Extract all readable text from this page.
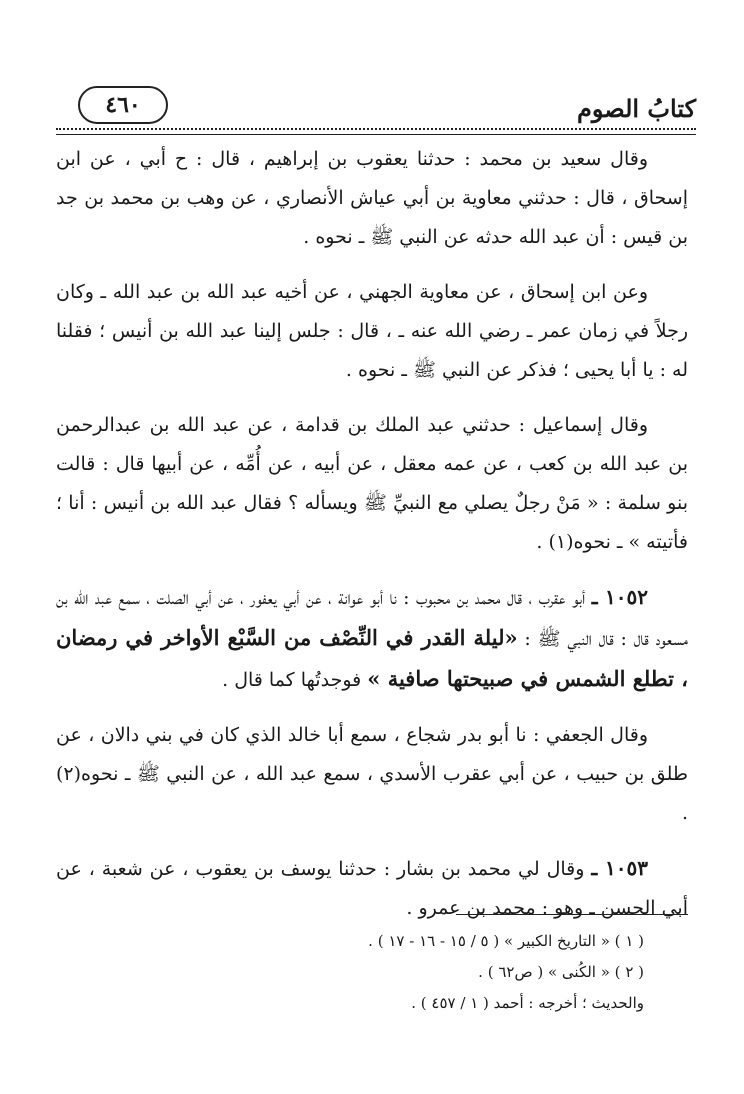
٤٦٠	كتابُ الصوم

وقال سعيد بن محمد : حدثنا يعقوب بن إبراهيم ، قال : ح أبي ، عن ابن إسحاق ، قال : حدثني معاوية بن أبي عياش الأنصاري ، عن وهب بن محمد بن جد بن قيس : أن عبد الله حدثه عن النبي ﷺ ـ نحوه .

وعن ابن إسحاق ، عن معاوية الجهني ، عن أخيه عبد الله بن عبد الله ـ وكان رجلاً في زمان عمر ـ رضي الله عنه ـ ، قال : جلس إلينا عبد الله بن أنيس ؛ فقلنا له : يا أبا يحيى ؛ فذكر عن النبي ﷺ ـ نحوه .

وقال إسماعيل : حدثني عبد الملك بن قدامة ، عن عبد الله بن عبدالرحمن بن عبد الله بن كعب ، عن عمه معقل ، عن أبيه ، عن أُمِّه ، عن أبيها قال : قالت بنو سلمة : « مَنْ رجلٌ يصلي مع النبيِّ ﷺ ويسأله ؟ فقال عبد الله بن أنيس : أنا ؛ فأتيته » ـ نحوه(١) .

١٠٥٢ ـ أبو عقرب ، قال محمد بن محبوب : نا أبو عوانة ، عن أبي يعفور ، عن أبي الصلت ، سمع عبد الله بن مسعود قال : قال النبي ﷺ : «ليلة القدر في النِّصْف من السَّبْع الأواخر في رمضان ، تطلع الشمس في صبيحتها صافية » فوجدتُها كما قال .

وقال الجعفي : نا أبو بدر شجاع ، سمع أبا خالد الذي كان في بني دالان ، عن طلق بن حبيب ، عن أبي عقرب الأسدي ، سمع عبد الله ، عن النبي ﷺ ـ نحوه(٢) .

١٠٥٣ ـ وقال لي محمد بن بشار : حدثنا يوسف بن يعقوب ، عن شعبة ، عن أبي الحسن ـ وهو : محمد بن عمرو .

( ١ ) « التاريخ الكبير » ( ٥ / ١٥ - ١٦ - ١٧ ) .
( ٢ ) « الكُنى » ( ص٦٢ ) .
والحديث ؛ أخرجه : أحمد ( ١ / ٤٥٧ ) .
